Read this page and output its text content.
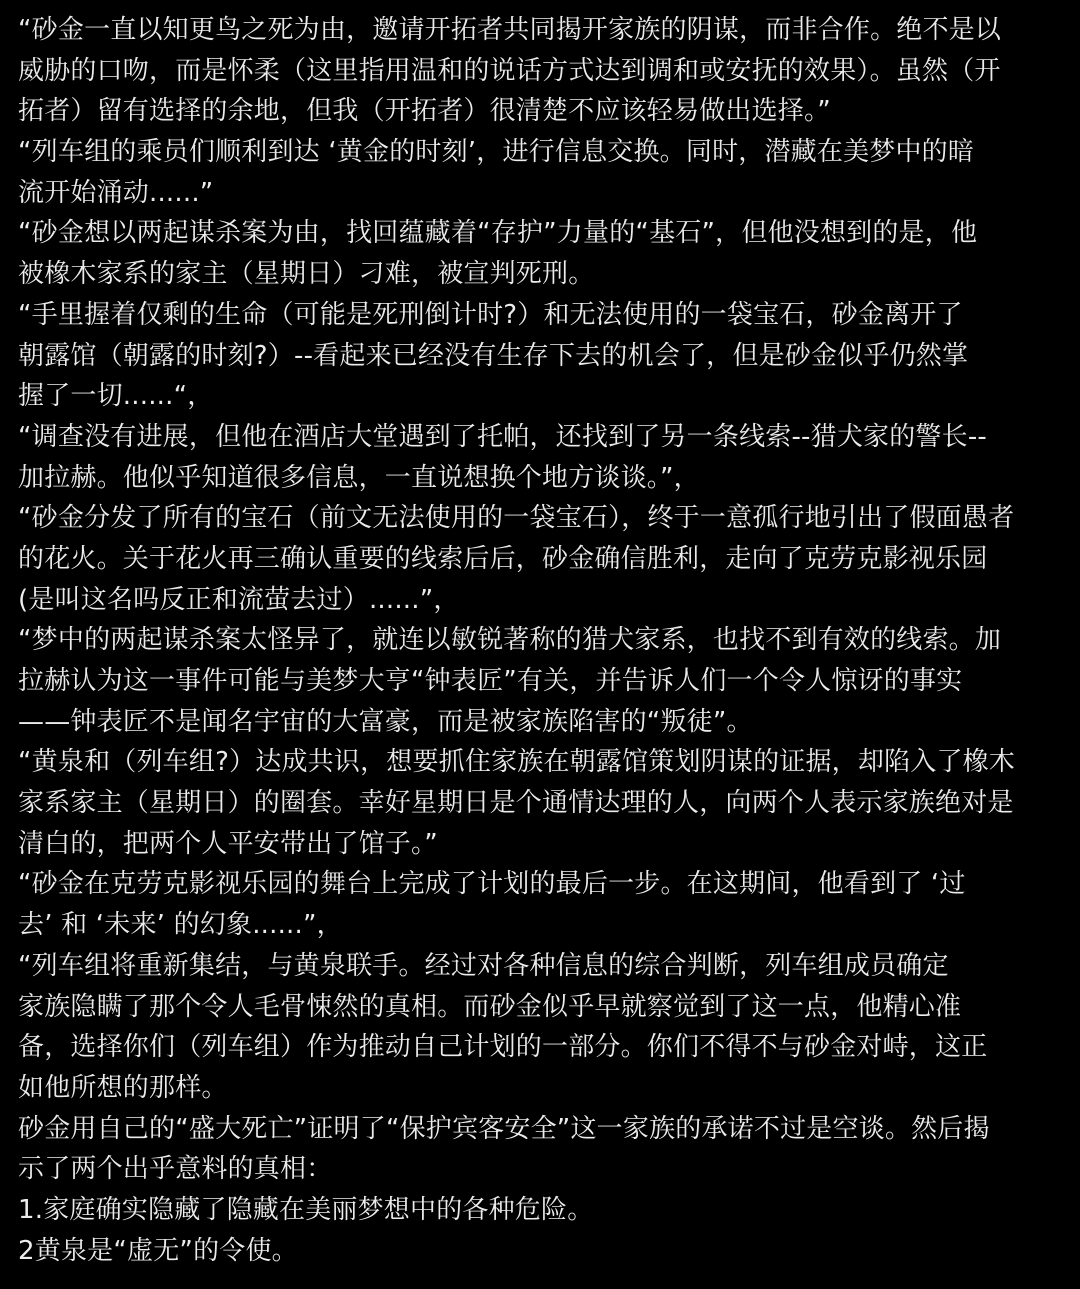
“砂金一直以知更鸟之死为由，邀请开拓者共同揭开家族的阴谋，而非合作。绝不是以
威胁的口吻，而是怀柔（这里指用温和的说话方式达到调和或安抚的效果）。虽然（开
拓者）留有选择的余地，但我（开拓者）很清楚不应该轻易做出选择。”
“列车组的乘员们顺利到达 ‘黄金的时刻’，进行信息交换。同时，潜藏在美梦中的暗
流开始涌动......”
“砂金想以两起谋杀案为由，找回蕴藏着“存护”力量的“基石”，但他没想到的是，他
被橡木家系的家主（星期日）刁难，被宣判死刑。
“手里握着仅剩的生命（可能是死刑倒计时?）和无法使用的一袋宝石，砂金离开了
朝露馆（朝露的时刻?）--看起来已经没有生存下去的机会了，但是砂金似乎仍然掌
握了一切......“，
“调查没有进展，但他在酒店大堂遇到了托帕，还找到了另一条线索--猎犬家的警长--
加拉赫。他似乎知道很多信息，一直说想换个地方谈谈。”，
“砂金分发了所有的宝石（前文无法使用的一袋宝石），终于一意孤行地引出了假面愚者
的花火。关于花火再三确认重要的线索后后，砂金确信胜利，走向了克劳克影视乐园
(是叫这名吗反正和流萤去过）......”，
“梦中的两起谋杀案太怪异了，就连以敏锐著称的猎犬家系，也找不到有效的线索。加
拉赫认为这一事件可能与美梦大亨“钟表匠”有关，并告诉人们一个令人惊讶的事实
——钟表匠不是闻名宇宙的大富豪，而是被家族陷害的“叛徒”。
“黄泉和（列车组?）达成共识，想要抓住家族在朝露馆策划阴谋的证据，却陷入了橡木
家系家主（星期日）的圈套。幸好星期日是个通情达理的人，向两个人表示家族绝对是
清白的，把两个人平安带出了馆子。”
“砂金在克劳克影视乐园的舞台上完成了计划的最后一步。在这期间，他看到了 ‘过
去’ 和 ‘未来’ 的幻象......”，
“列车组将重新集结，与黄泉联手。经过对各种信息的综合判断，列车组成员确定
家族隐瞒了那个令人毛骨悚然的真相。而砂金似乎早就察觉到了这一点，他精心准
备，选择你们（列车组）作为推动自己计划的一部分。你们不得不与砂金对峙，这正
如他所想的那样。
砂金用自己的“盛大死亡”证明了“保护宾客安全”这一家族的承诺不过是空谈。然后揭
示了两个出乎意料的真相：
1.家庭确实隐藏了隐藏在美丽梦想中的各种危险。
2黄泉是“虚无”的令使。
